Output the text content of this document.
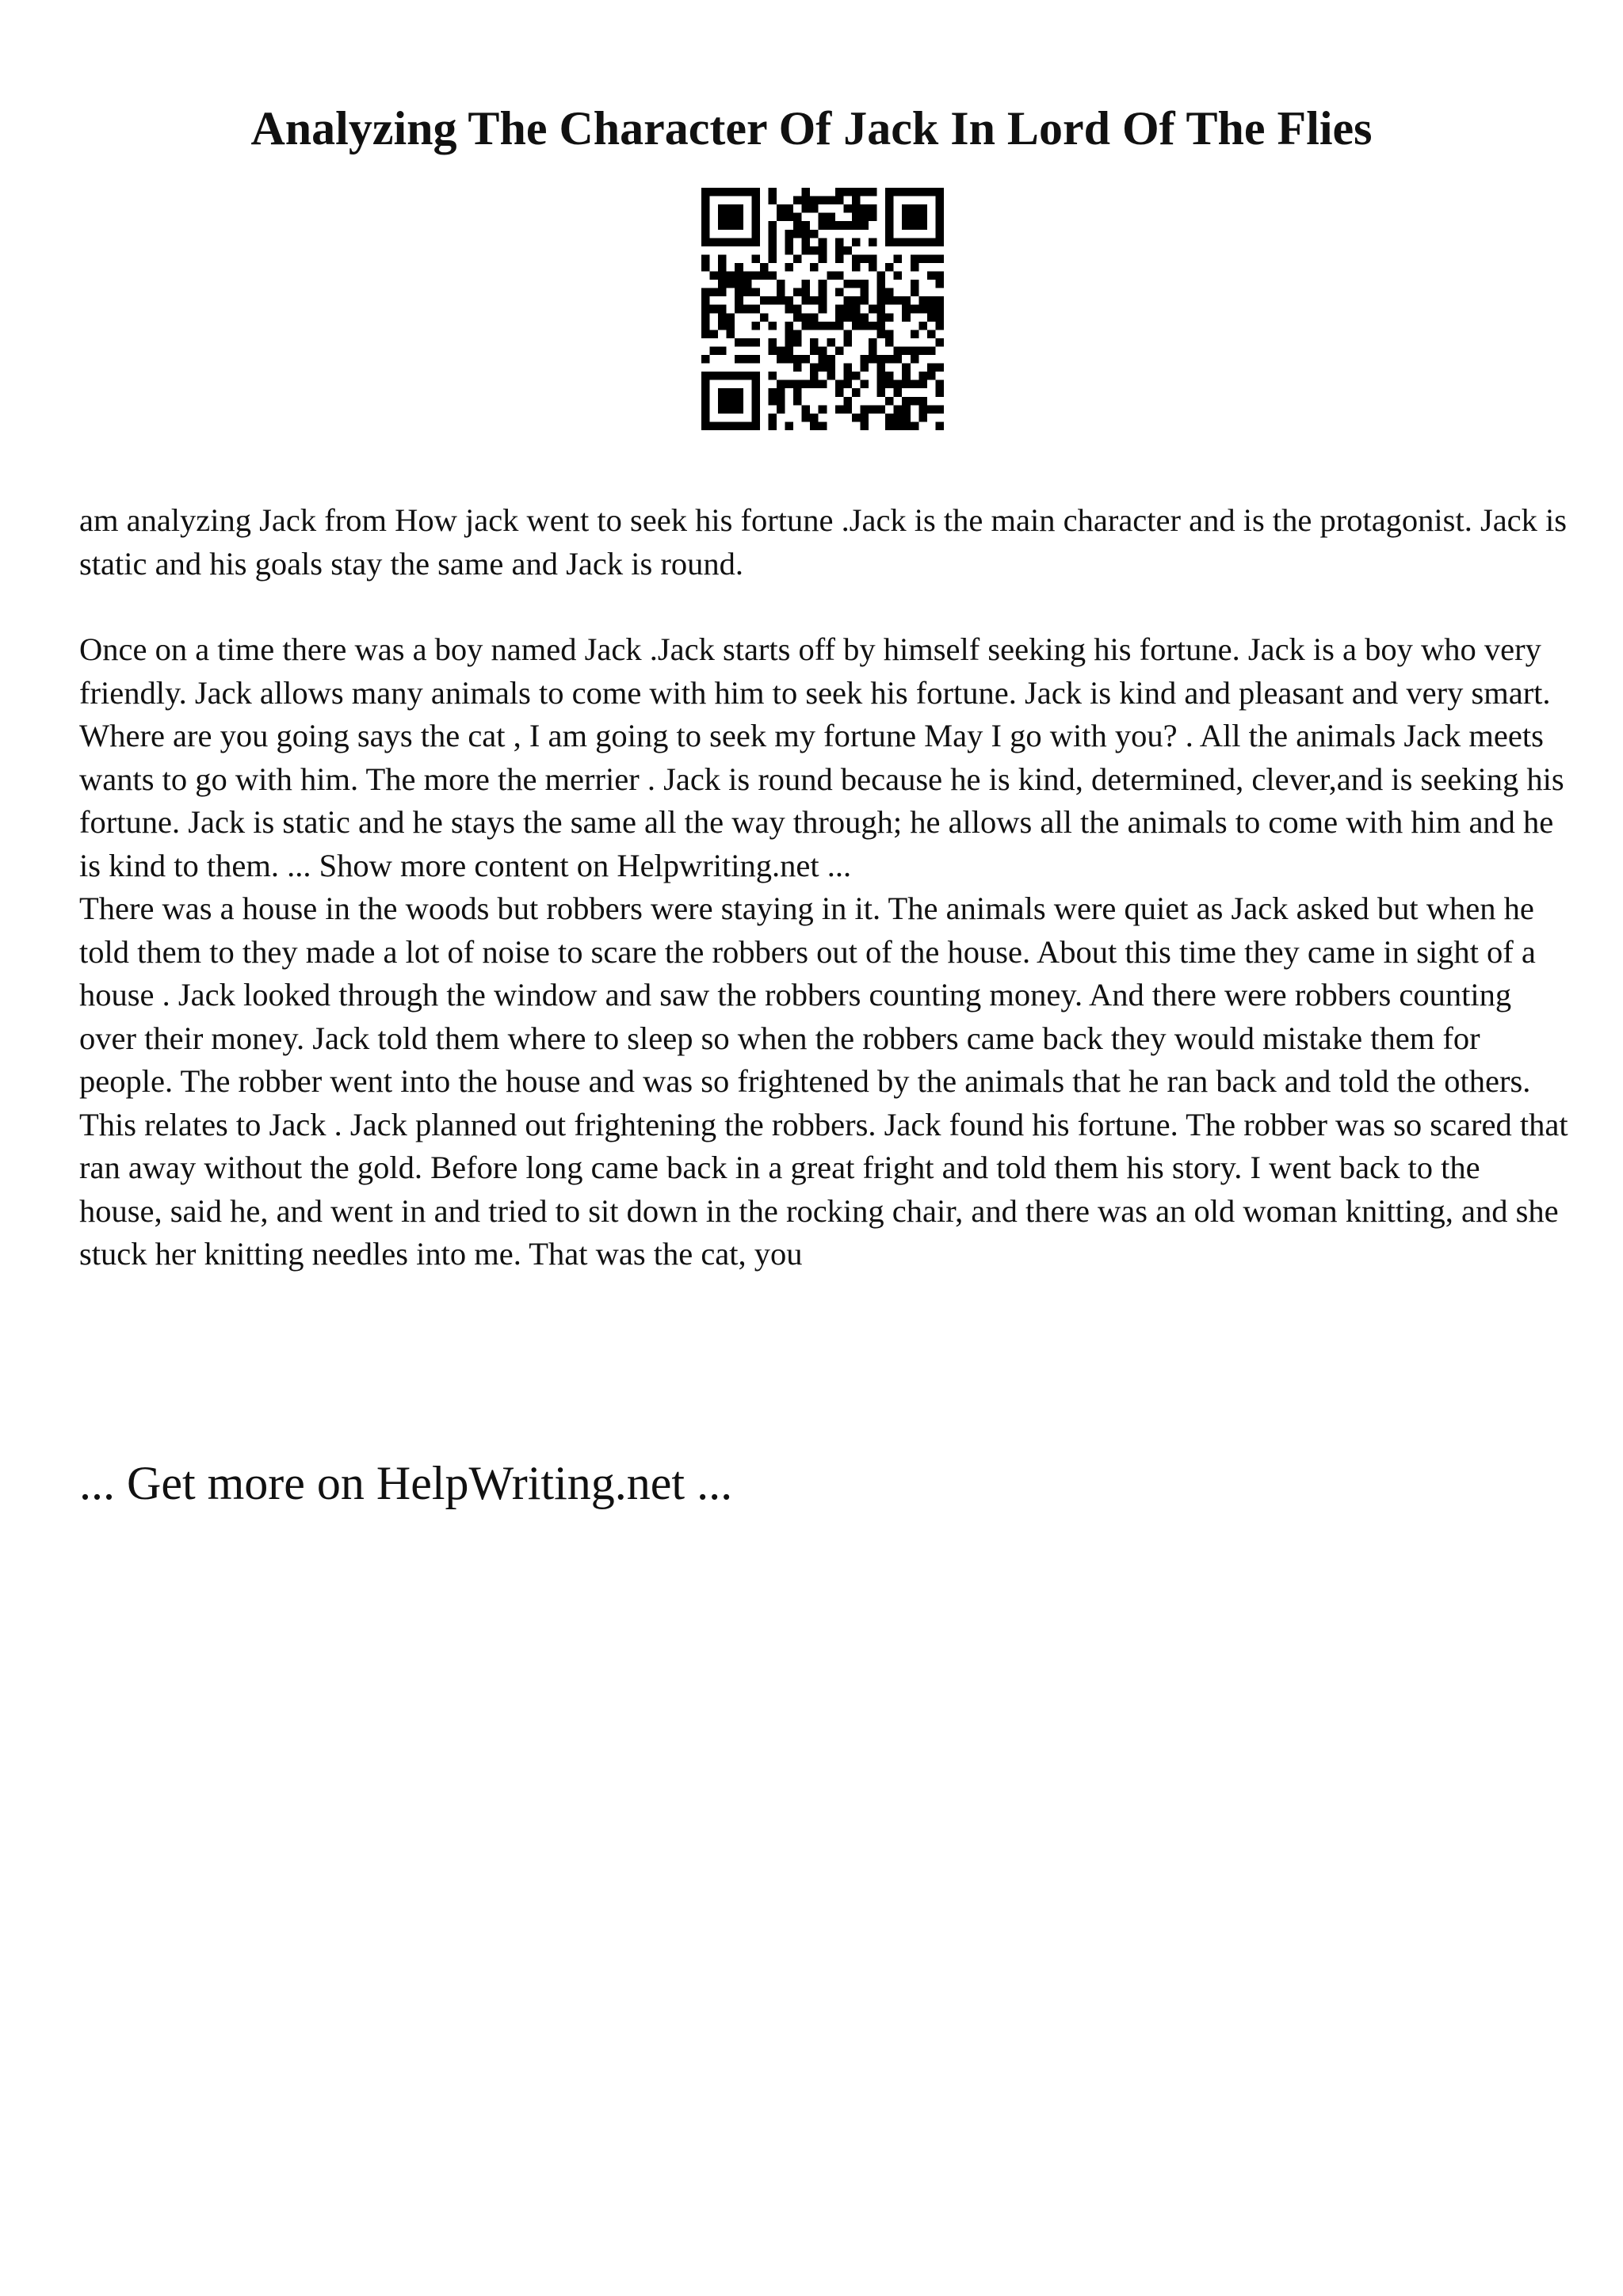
Analyzing The Character Of Jack In Lord Of The Flies

am analyzing Jack from How jack went to seek his fortune .Jack is the main character and is the protagonist. Jack is static and his goals stay the same and Jack is round.

Once on a time there was a boy named Jack .Jack starts off by himself seeking his fortune. Jack is a boy who very friendly. Jack allows many animals to come with him to seek his fortune. Jack is kind and pleasant and very smart. Where are you going says the cat , I am going to seek my fortune May I go with you? . All the animals Jack meets wants to go with him. The more the merrier . Jack is round because he is kind, determined, clever,and is seeking his fortune. Jack is static and he stays the same all the way through; he allows all the animals to come with him and he is kind to them. ... Show more content on Helpwriting.net ...

There was a house in the woods but robbers were staying in it. The animals were quiet as Jack asked but when he told them to they made a lot of noise to scare the robbers out of the house. About this time they came in sight of a house . Jack looked through the window and saw the robbers counting money. And there were robbers counting over their money. Jack told them where to sleep so when the robbers came back they would mistake them for people. The robber went into the house and was so frightened by the animals that he ran back and told the others. This relates to Jack . Jack planned out frightening the robbers. Jack found his fortune. The robber was so scared that ran away without the gold. Before long came back in a great fright and told them his story. I went back to the house, said he, and went in and tried to sit down in the rocking chair, and there was an old woman knitting, and she stuck her knitting needles into me. That was the cat, you

... Get more on HelpWriting.net ...
